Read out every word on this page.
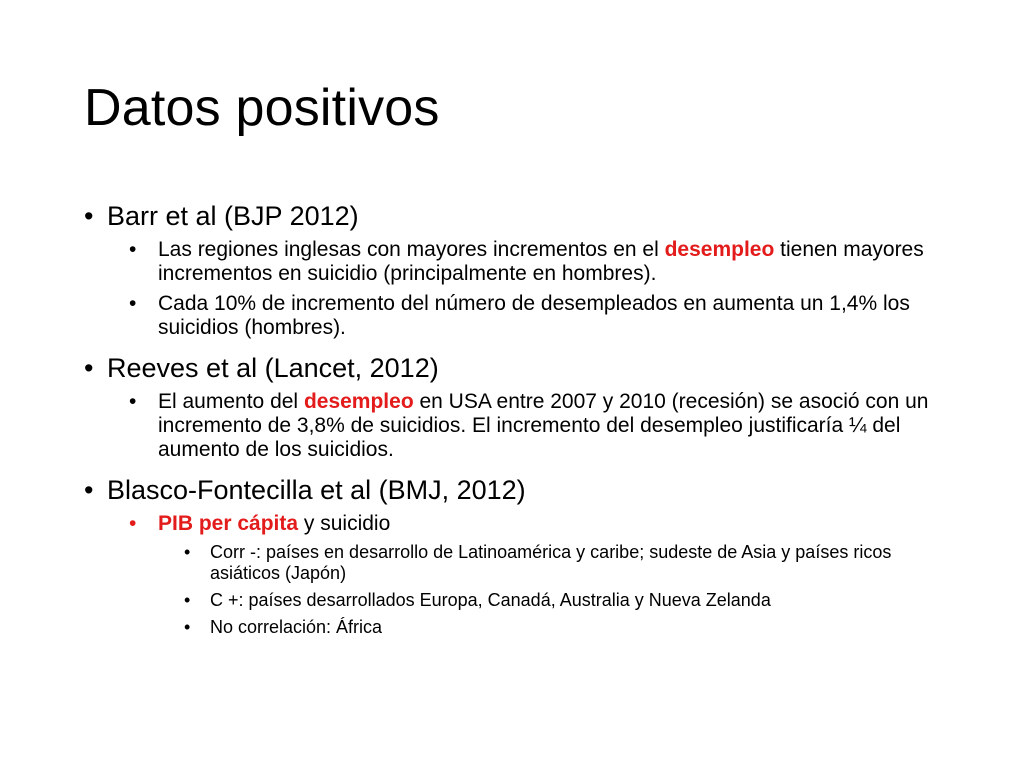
Datos positivos
• Barr et al (BJP 2012)
• Las regiones inglesas con mayores incrementos en el desempleo tienen mayores incrementos en suicidio (principalmente en hombres).
• Cada 10% de incremento del número de desempleados en aumenta un 1,4% los suicidios (hombres).
• Reeves et al (Lancet, 2012)
• El aumento del desempleo en USA entre 2007 y 2010 (recesión) se asoció con un incremento de 3,8% de suicidios. El incremento del desempleo justificaría ¼ del aumento de los suicidios.
• Blasco-Fontecilla et al (BMJ, 2012)
• PIB per cápita y suicidio
• Corr -: países en desarrollo de Latinoamérica y caribe; sudeste de Asia y países ricos asiáticos (Japón)
• C +: países desarrollados Europa, Canadá, Australia y Nueva Zelanda
• No correlación: África
